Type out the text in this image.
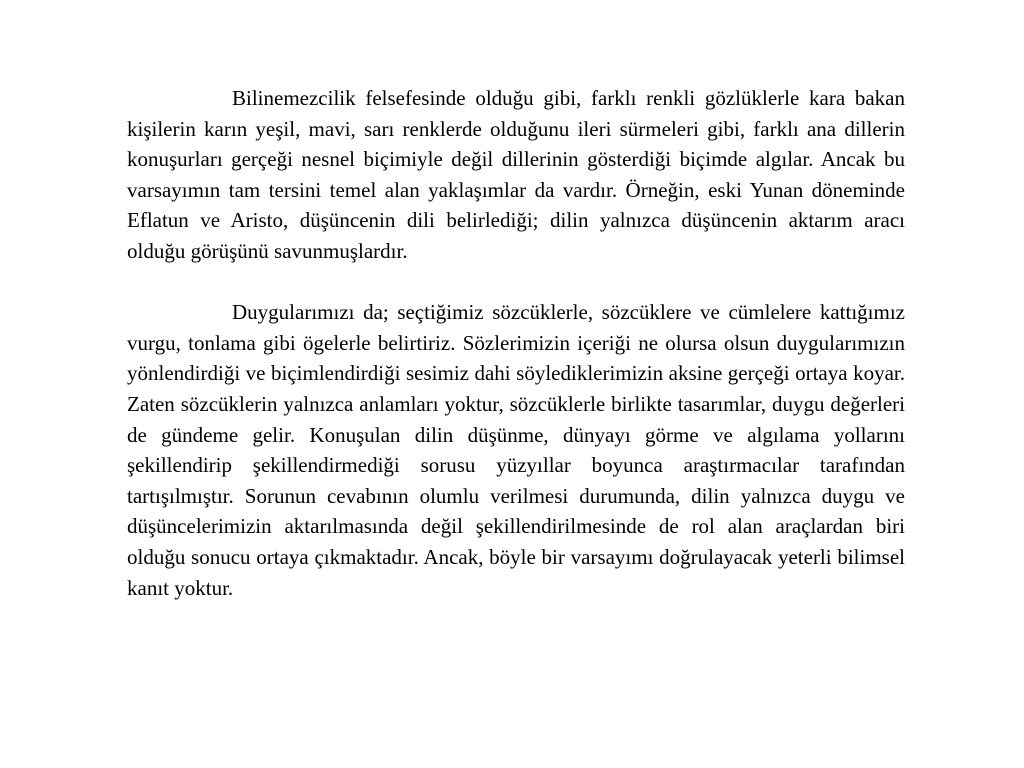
Bilinemezcilik felsefesinde olduğu gibi, farklı renkli gözlüklerle kara bakan kişilerin karın yeşil, mavi, sarı renklerde olduğunu ileri sürmeleri gibi, farklı ana dillerin konuşurları gerçeği nesnel biçimiyle değil dillerinin gösterdiği biçimde algılar. Ancak bu varsayımın tam tersini temel alan yaklaşımlar da vardır. Örneğin, eski Yunan döneminde Eflatun ve Aristo, düşüncenin dili belirlediği; dilin yalnızca düşüncenin aktarım aracı olduğu görüşünü savunmuşlardır.

Duygularımızı da; seçtiğimiz sözcüklerle, sözcüklere ve cümlelere kattığımız vurgu, tonlama gibi ögelerle belirtiriz. Sözlerimizin içeriği ne olursa olsun duygularımızın yönlendirdiği ve biçimlendirdiği sesimiz dahi söylediklerimizin aksine gerçeği ortaya koyar. Zaten sözcüklerin yalnızca anlamları yoktur, sözcüklerle birlikte tasarımlar, duygu değerleri de gündeme gelir. Konuşulan dilin düşünme, dünyayı görme ve algılama yollarını şekillendirip şekillendirmediği sorusu yüzyıllar boyunca araştırmacılar tarafından tartışılmıştır. Sorunun cevabının olumlu verilmesi durumunda, dilin yalnızca duygu ve düşüncelerimizin aktarılmasında değil şekillendirilmesinde de rol alan araçlardan biri olduğu sonucu ortaya çıkmaktadır. Ancak, böyle bir varsayımı doğrulayacak yeterli bilimsel kanıt yoktur.
